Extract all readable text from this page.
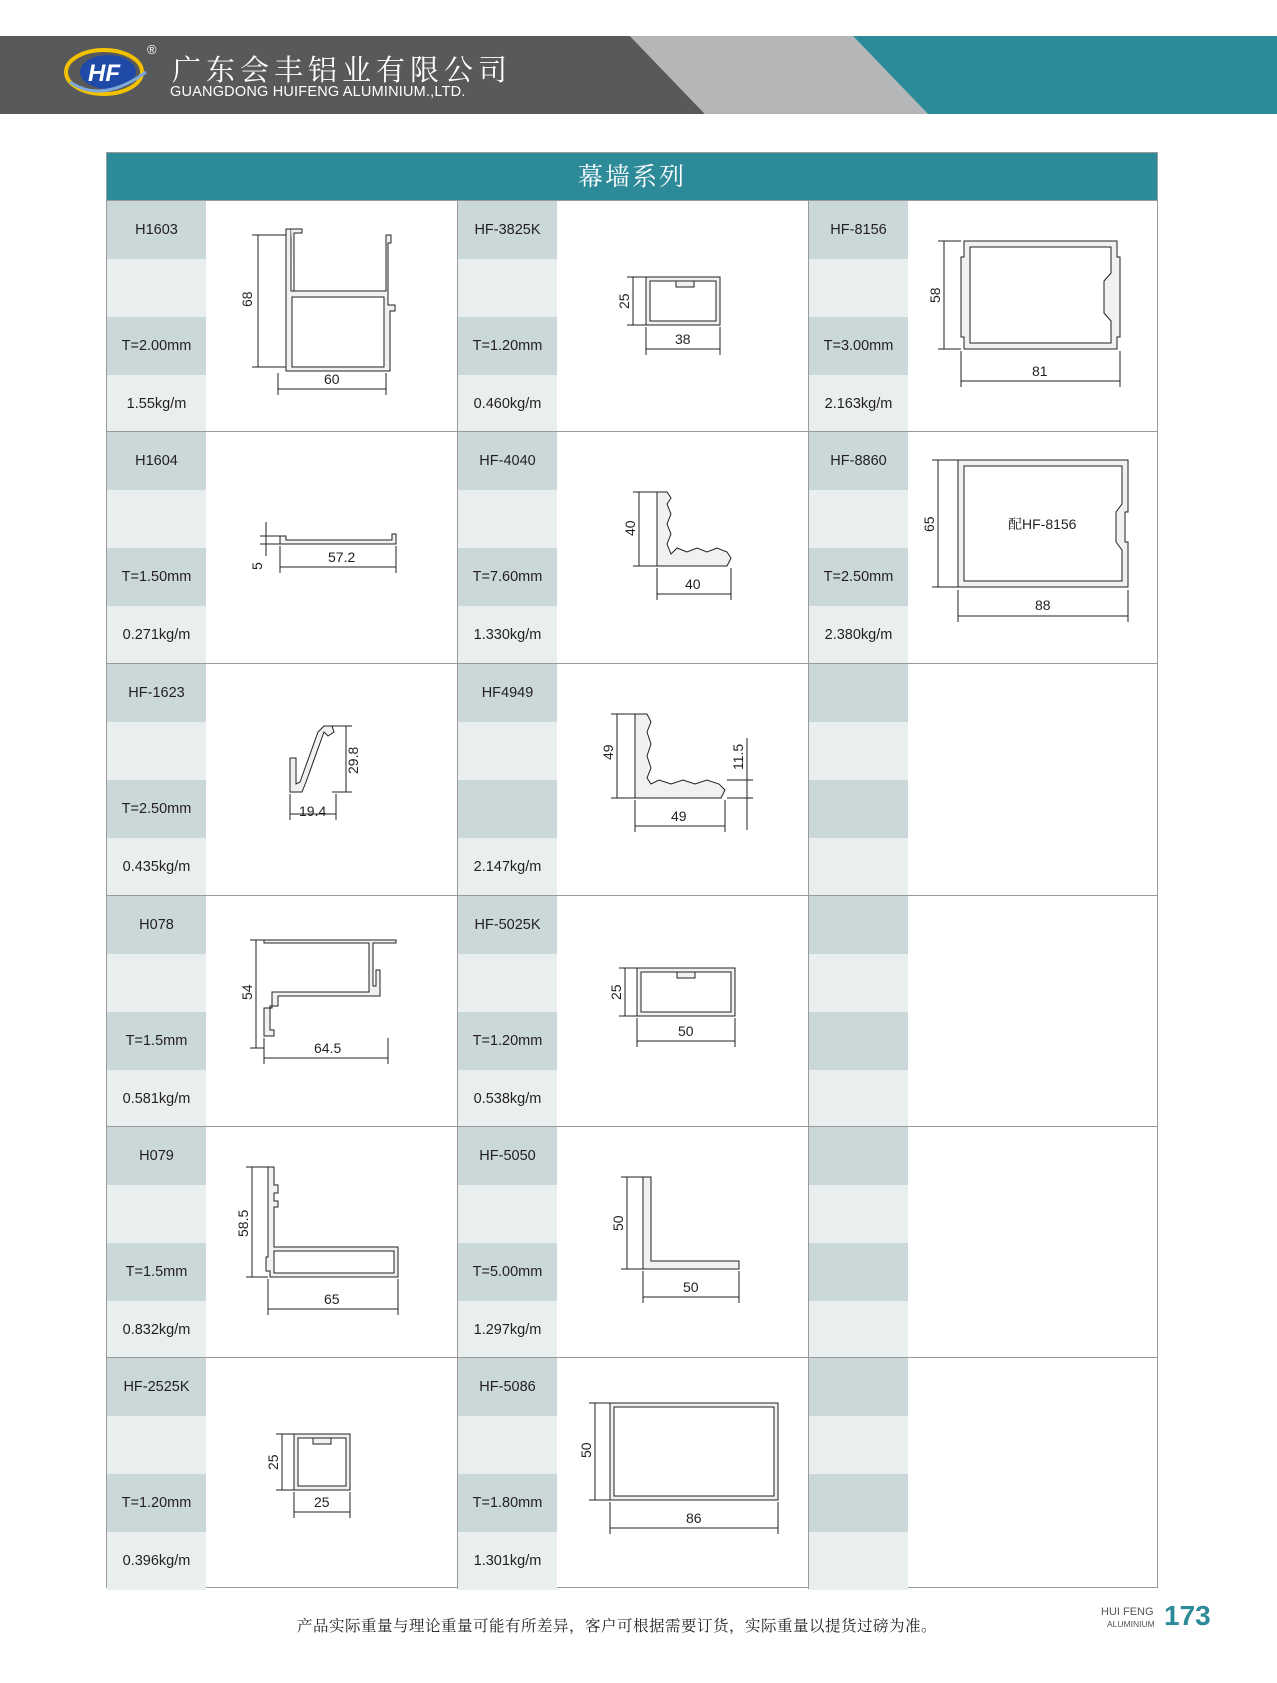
HF
®
广东会丰铝业有限公司
GUANGDONG HUIFENG ALUMINIUM.,LTD.
幕墙系列
H1603
T=2.00mm
1.55kg/m
68
60
HF-3825K
T=1.20mm
0.460kg/m
25
38
HF-8156
T=3.00mm
2.163kg/m
58
81
H1604
T=1.50mm
0.271kg/m
5
57.2
HF-4040
T=7.60mm
1.330kg/m
40
40
HF-8860
T=2.50mm
2.380kg/m
65
88
配HF-8156
HF-1623
T=2.50mm
0.435kg/m
29.8
19.4
HF4949
2.147kg/m
49
49
11.5
H078
T=1.5mm
0.581kg/m
54
64.5
HF-5025K
T=1.20mm
0.538kg/m
25
50
H079
T=1.5mm
0.832kg/m
58.5
65
HF-5050
T=5.00mm
1.297kg/m
50
50
HF-2525K
T=1.20mm
0.396kg/m
25
25
HF-5086
T=1.80mm
1.301kg/m
50
86
产品实际重量与理论重量可能有所差异，客户可根据需要订货，实际重量以提货过磅为准。
HUI FENG
ALUMINIUM 173
